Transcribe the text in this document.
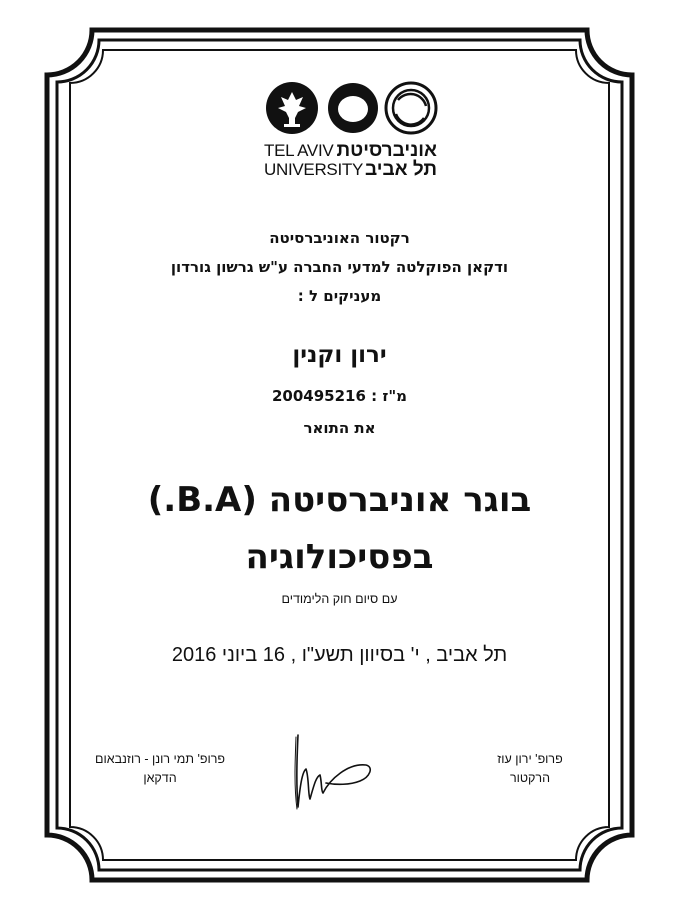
TEL AVIV
UNIVERSITY
אוניברסיטת
תל אביב
רקטור האוניברסיטה
ודקאן הפוקלטה למדעי החברה ע"ש גרשון גורדון
מעניקים ל :
ירון וקנין
מ"ז : 200495216
את התואר
בוגר אוניברסיטה (B.A.)
בפסיכולוגיה
עם סיום חוק הלימודים
תל אביב , י' בסיוון תשע"ו , 16 ביוני 2016
פרופ' תמי רונן - רוזנבאום
הדקאן
פרופ' ירון עוז
הרקטור
